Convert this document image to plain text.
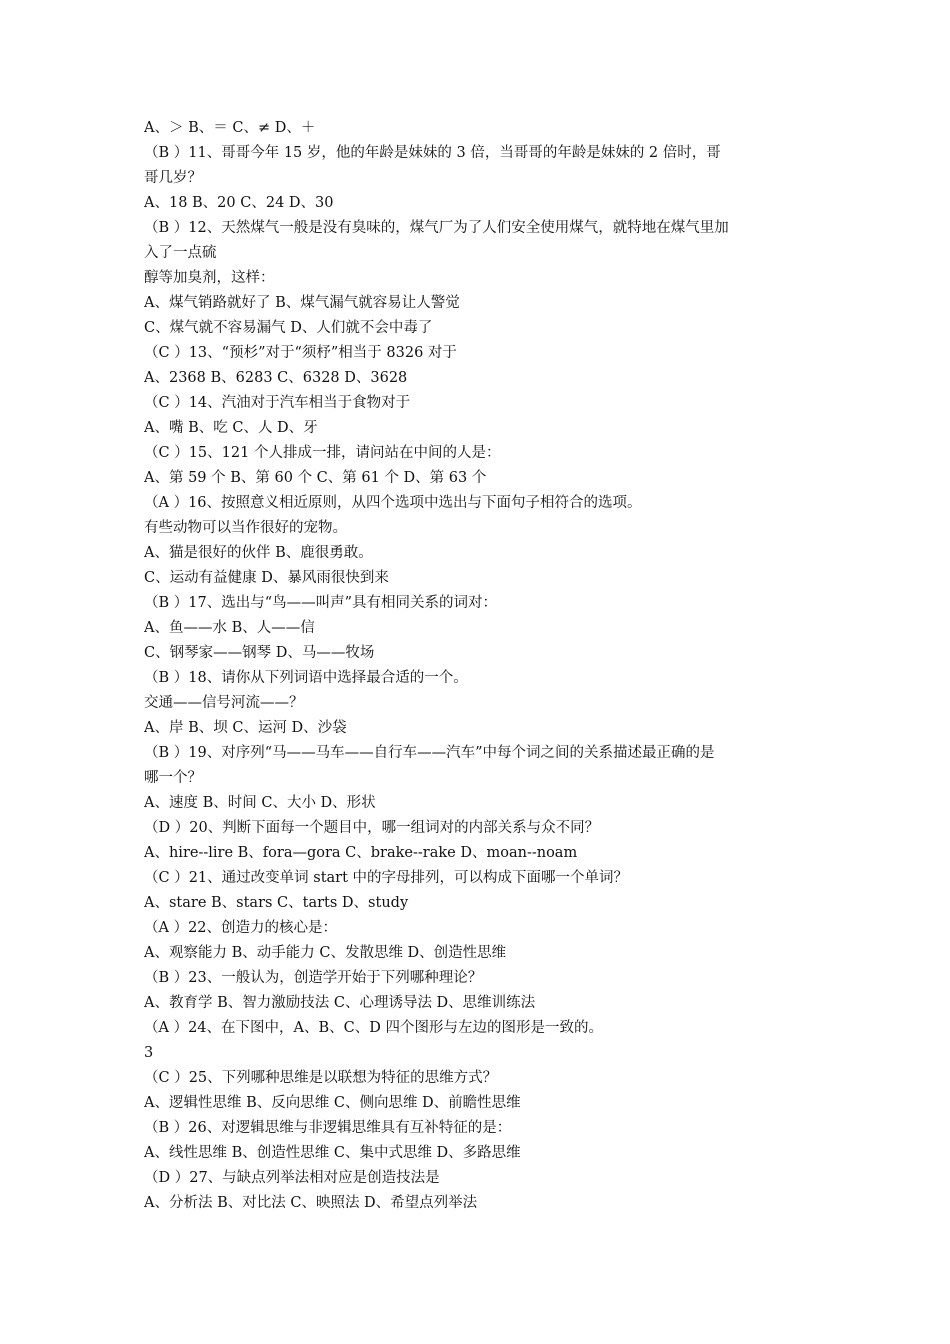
A、＞ B、＝ C、≠ D、＋
（B ）11、哥哥今年 15 岁，他的年龄是妹妹的 3 倍，当哥哥的年龄是妹妹的 2 倍时，哥
哥几岁？
A、18 B、20 C、24 D、30
（B ）12、天然煤气一般是没有臭味的，煤气厂为了人们安全使用煤气，就特地在煤气里加
入了一点硫
醇等加臭剂，这样：
A、煤气销路就好了 B、煤气漏气就容易让人警觉
C、煤气就不容易漏气 D、人们就不会中毒了
（C ）13、“预杉”对于“须杼”相当于 8326 对于
A、2368 B、6283 C、6328 D、3628
（C ）14、汽油对于汽车相当于食物对于
A、嘴 B、吃 C、人 D、牙
（C ）15、121 个人排成一排，请问站在中间的人是：
A、第 59 个 B、第 60 个 C、第 61 个 D、第 63 个
（A ）16、按照意义相近原则，从四个选项中选出与下面句子相符合的选项。
有些动物可以当作很好的宠物。
A、猫是很好的伙伴 B、鹿很勇敢。
C、运动有益健康 D、暴风雨很快到来
（B ）17、选出与“鸟——叫声”具有相同关系的词对：
A、鱼——水 B、人——信
C、钢琴家——钢琴 D、马——牧场
（B ）18、请你从下列词语中选择最合适的一个。
交通——信号河流——？
A、岸 B、坝 C、运河 D、沙袋
（B ）19、对序列“马——马车——自行车——汽车”中每个词之间的关系描述最正确的是
哪一个？
A、速度 B、时间 C、大小 D、形状
（D ）20、判断下面每一个题目中，哪一组词对的内部关系与众不同？
A、hire--lire B、fora—gora C、brake--rake D、moan--noam
（C ）21、通过改变单词 start 中的字母排列，可以构成下面哪一个单词？
A、stare B、stars C、tarts D、study
（A ）22、创造力的核心是：
A、观察能力 B、动手能力 C、发散思维 D、创造性思维
（B ）23、一般认为，创造学开始于下列哪种理论？
A、教育学 B、智力激励技法 C、心理诱导法 D、思维训练法
（A ）24、在下图中，A、B、C、D 四个图形与左边的图形是一致的。
3
（C ）25、下列哪种思维是以联想为特征的思维方式？
A、逻辑性思维 B、反向思维 C、侧向思维 D、前瞻性思维
（B ）26、对逻辑思维与非逻辑思维具有互补特征的是：
A、线性思维 B、创造性思维 C、集中式思维 D、多路思维
（D ）27、与缺点列举法相对应是创造技法是
A、分析法 B、对比法 C、映照法 D、希望点列举法
